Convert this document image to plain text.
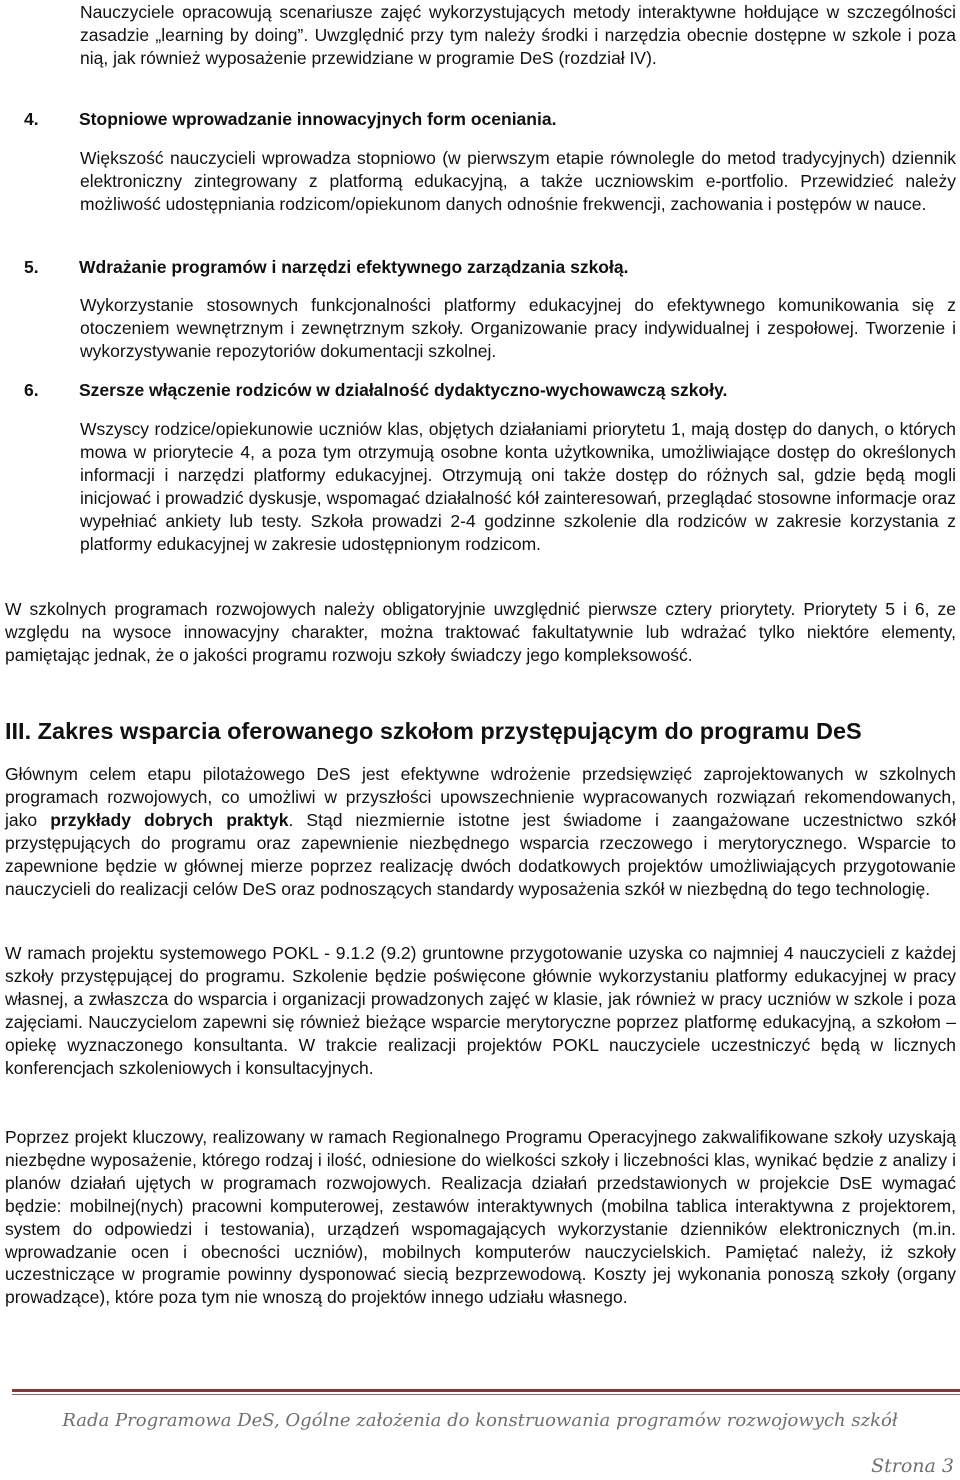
Nauczyciele opracowują scenariusze zajęć wykorzystujących metody interaktywne hołdujące w szczególności zasadzie „learning by doing”. Uwzględnić przy tym należy środki i narzędzia obecnie dostępne w szkole i poza nią, jak również wyposażenie przewidziane w programie DeS (rozdział IV).

4. Stopniowe wprowadzanie innowacyjnych form oceniania.

Większość nauczycieli wprowadza stopniowo (w pierwszym etapie równolegle do metod tradycyjnych) dziennik elektroniczny zintegrowany z platformą edukacyjną, a także uczniowskim e-portfolio. Przewidzieć należy możliwość udostępniania rodzicom/opiekunom danych odnośnie frekwencji, zachowania i postępów w nauce.

5. Wdrażanie programów i narzędzi efektywnego zarządzania szkołą.

Wykorzystanie stosownych funkcjonalności platformy edukacyjnej do efektywnego komunikowania się z otoczeniem wewnętrznym i zewnętrznym szkoły. Organizowanie pracy indywidualnej i zespołowej. Tworzenie i wykorzystywanie repozytoriów dokumentacji szkolnej.

6. Szersze włączenie rodziców w działalność dydaktyczno-wychowawczą szkoły.

Wszyscy rodzice/opiekunowie uczniów klas, objętych działaniami priorytetu 1, mają dostęp do danych, o których mowa w priorytecie 4, a poza tym otrzymują osobne konta użytkownika, umożliwiające dostęp do określonych informacji i narzędzi platformy edukacyjnej. Otrzymują oni także dostęp do różnych sal, gdzie będą mogli inicjować i prowadzić dyskusje, wspomagać działalność kół zainteresowań, przeglądać stosowne informacje oraz wypełniać ankiety lub testy. Szkoła prowadzi 2-4 godzinne szkolenie dla rodziców w zakresie korzystania z platformy edukacyjnej w zakresie udostępnionym rodzicom.

W szkolnych programach rozwojowych należy obligatoryjnie uwzględnić pierwsze cztery priorytety. Priorytety 5 i 6, ze względu na wysoce innowacyjny charakter, można traktować fakultatywnie lub wdrażać tylko niektóre elementy, pamiętając jednak, że o jakości programu rozwoju szkoły świadczy jego kompleksowość.

III. Zakres wsparcia oferowanego szkołom przystępującym do programu DeS

Głównym celem etapu pilotażowego DeS jest efektywne wdrożenie przedsięwzięć zaprojektowanych w szkolnych programach rozwojowych, co umożliwi w przyszłości upowszechnienie wypracowanych rozwiązań rekomendowanych, jako przykłady dobrych praktyk. Stąd niezmiernie istotne jest świadome i zaangażowane uczestnictwo szkół przystępujących do programu oraz zapewnienie niezbędnego wsparcia rzeczowego i merytorycznego. Wsparcie to zapewnione będzie w głównej mierze poprzez realizację dwóch dodatkowych projektów umożliwiających przygotowanie nauczycieli do realizacji celów DeS oraz podnoszących standardy wyposażenia szkół w niezbędną do tego technologię.

W ramach projektu systemowego POKL - 9.1.2 (9.2) gruntowne przygotowanie uzyska co najmniej 4 nauczycieli z każdej szkoły przystępującej do programu. Szkolenie będzie poświęcone głównie wykorzystaniu platformy edukacyjnej w pracy własnej, a zwłaszcza do wsparcia i organizacji prowadzonych zajęć w klasie, jak również w pracy uczniów w szkole i poza zajęciami. Nauczycielom zapewni się również bieżące wsparcie merytoryczne poprzez platformę edukacyjną, a szkołom – opiekę wyznaczonego konsultanta. W trakcie realizacji projektów POKL nauczyciele uczestniczyć będą w licznych konferencjach szkoleniowych i konsultacyjnych.

Poprzez projekt kluczowy, realizowany w ramach Regionalnego Programu Operacyjnego zakwalifikowane szkoły uzyskają niezbędne wyposażenie, którego rodzaj i ilość, odniesione do wielkości szkoły i liczebności klas, wynikać będzie z analizy i planów działań ujętych w programach rozwojowych. Realizacja działań przedstawionych w projekcie DsE wymagać będzie: mobilnej(nych) pracowni komputerowej, zestawów interaktywnych (mobilna tablica interaktywna z projektorem, system do odpowiedzi i testowania), urządzeń wspomagających wykorzystanie dzienników elektronicznych (m.in. wprowadzanie ocen i obecności uczniów), mobilnych komputerów nauczycielskich. Pamiętać należy, iż szkoły uczestniczące w programie powinny dysponować siecią bezprzewodową. Koszty jej wykonania ponoszą szkoły (organy prowadzące), które poza tym nie wnoszą do projektów innego udziału własnego.

Rada Programowa DeS, Ogólne założenia do konstruowania programów rozwojowych szkół
Strona 3
